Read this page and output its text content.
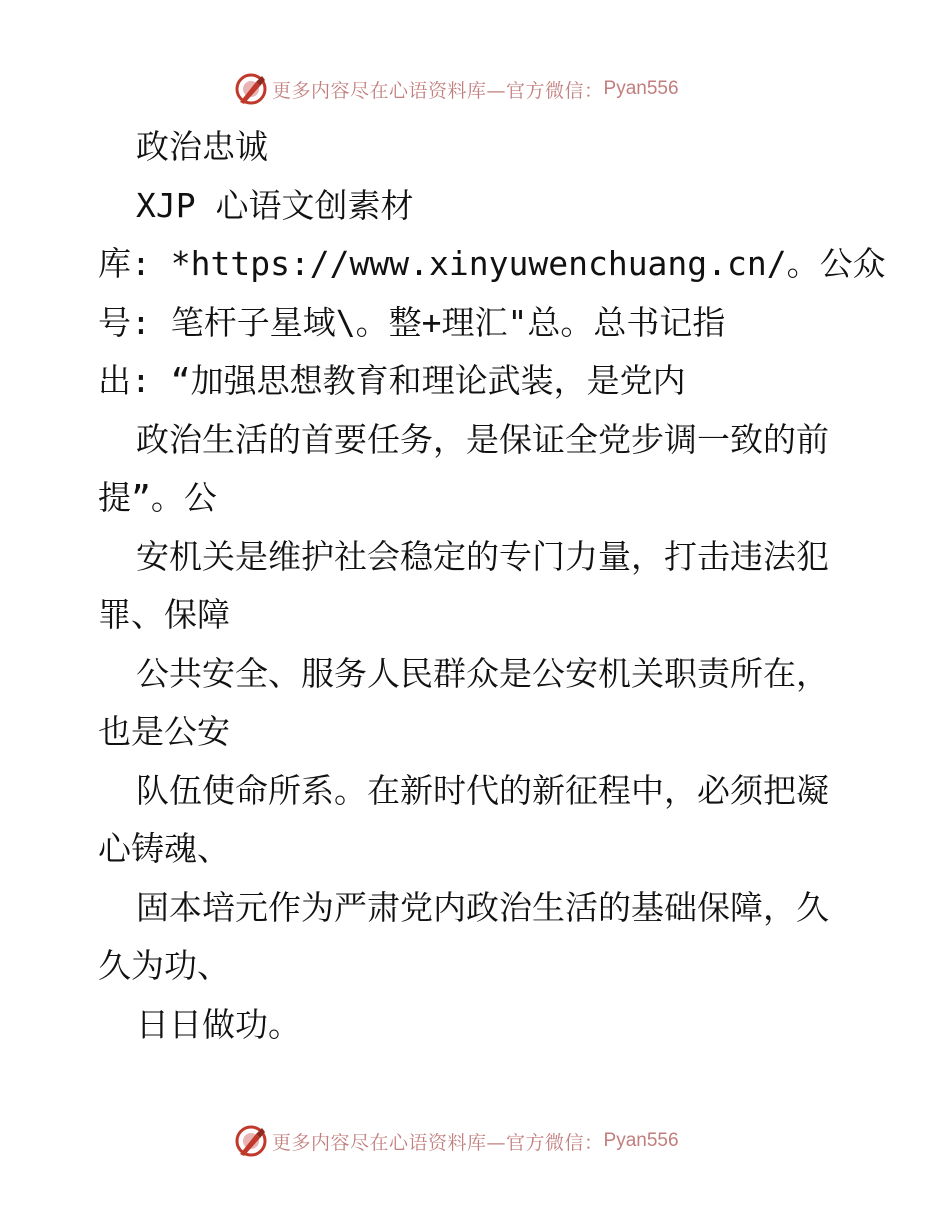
更多内容尽在心语资料库—官方微信： Pyan556
政治忠诚
XJP 心语文创素材
库: *https://www.xinyuwenchuang.cn/。公众
号: 笔杆子星域\。整+理汇"总。总书记指
出: “加强思想教育和理论武装，是党内
政治生活的首要任务，是保证全党步调一致的前
提”。公
安机关是维护社会稳定的专门力量，打击违法犯
罪、保障
公共安全、服务人民群众是公安机关职责所在，
也是公安
队伍使命所系。在新时代的新征程中，必须把凝
心铸魂、
固本培元作为严肃党内政治生活的基础保障，久
久为功、
日日做功。
更多内容尽在心语资料库—官方微信： Pyan556
